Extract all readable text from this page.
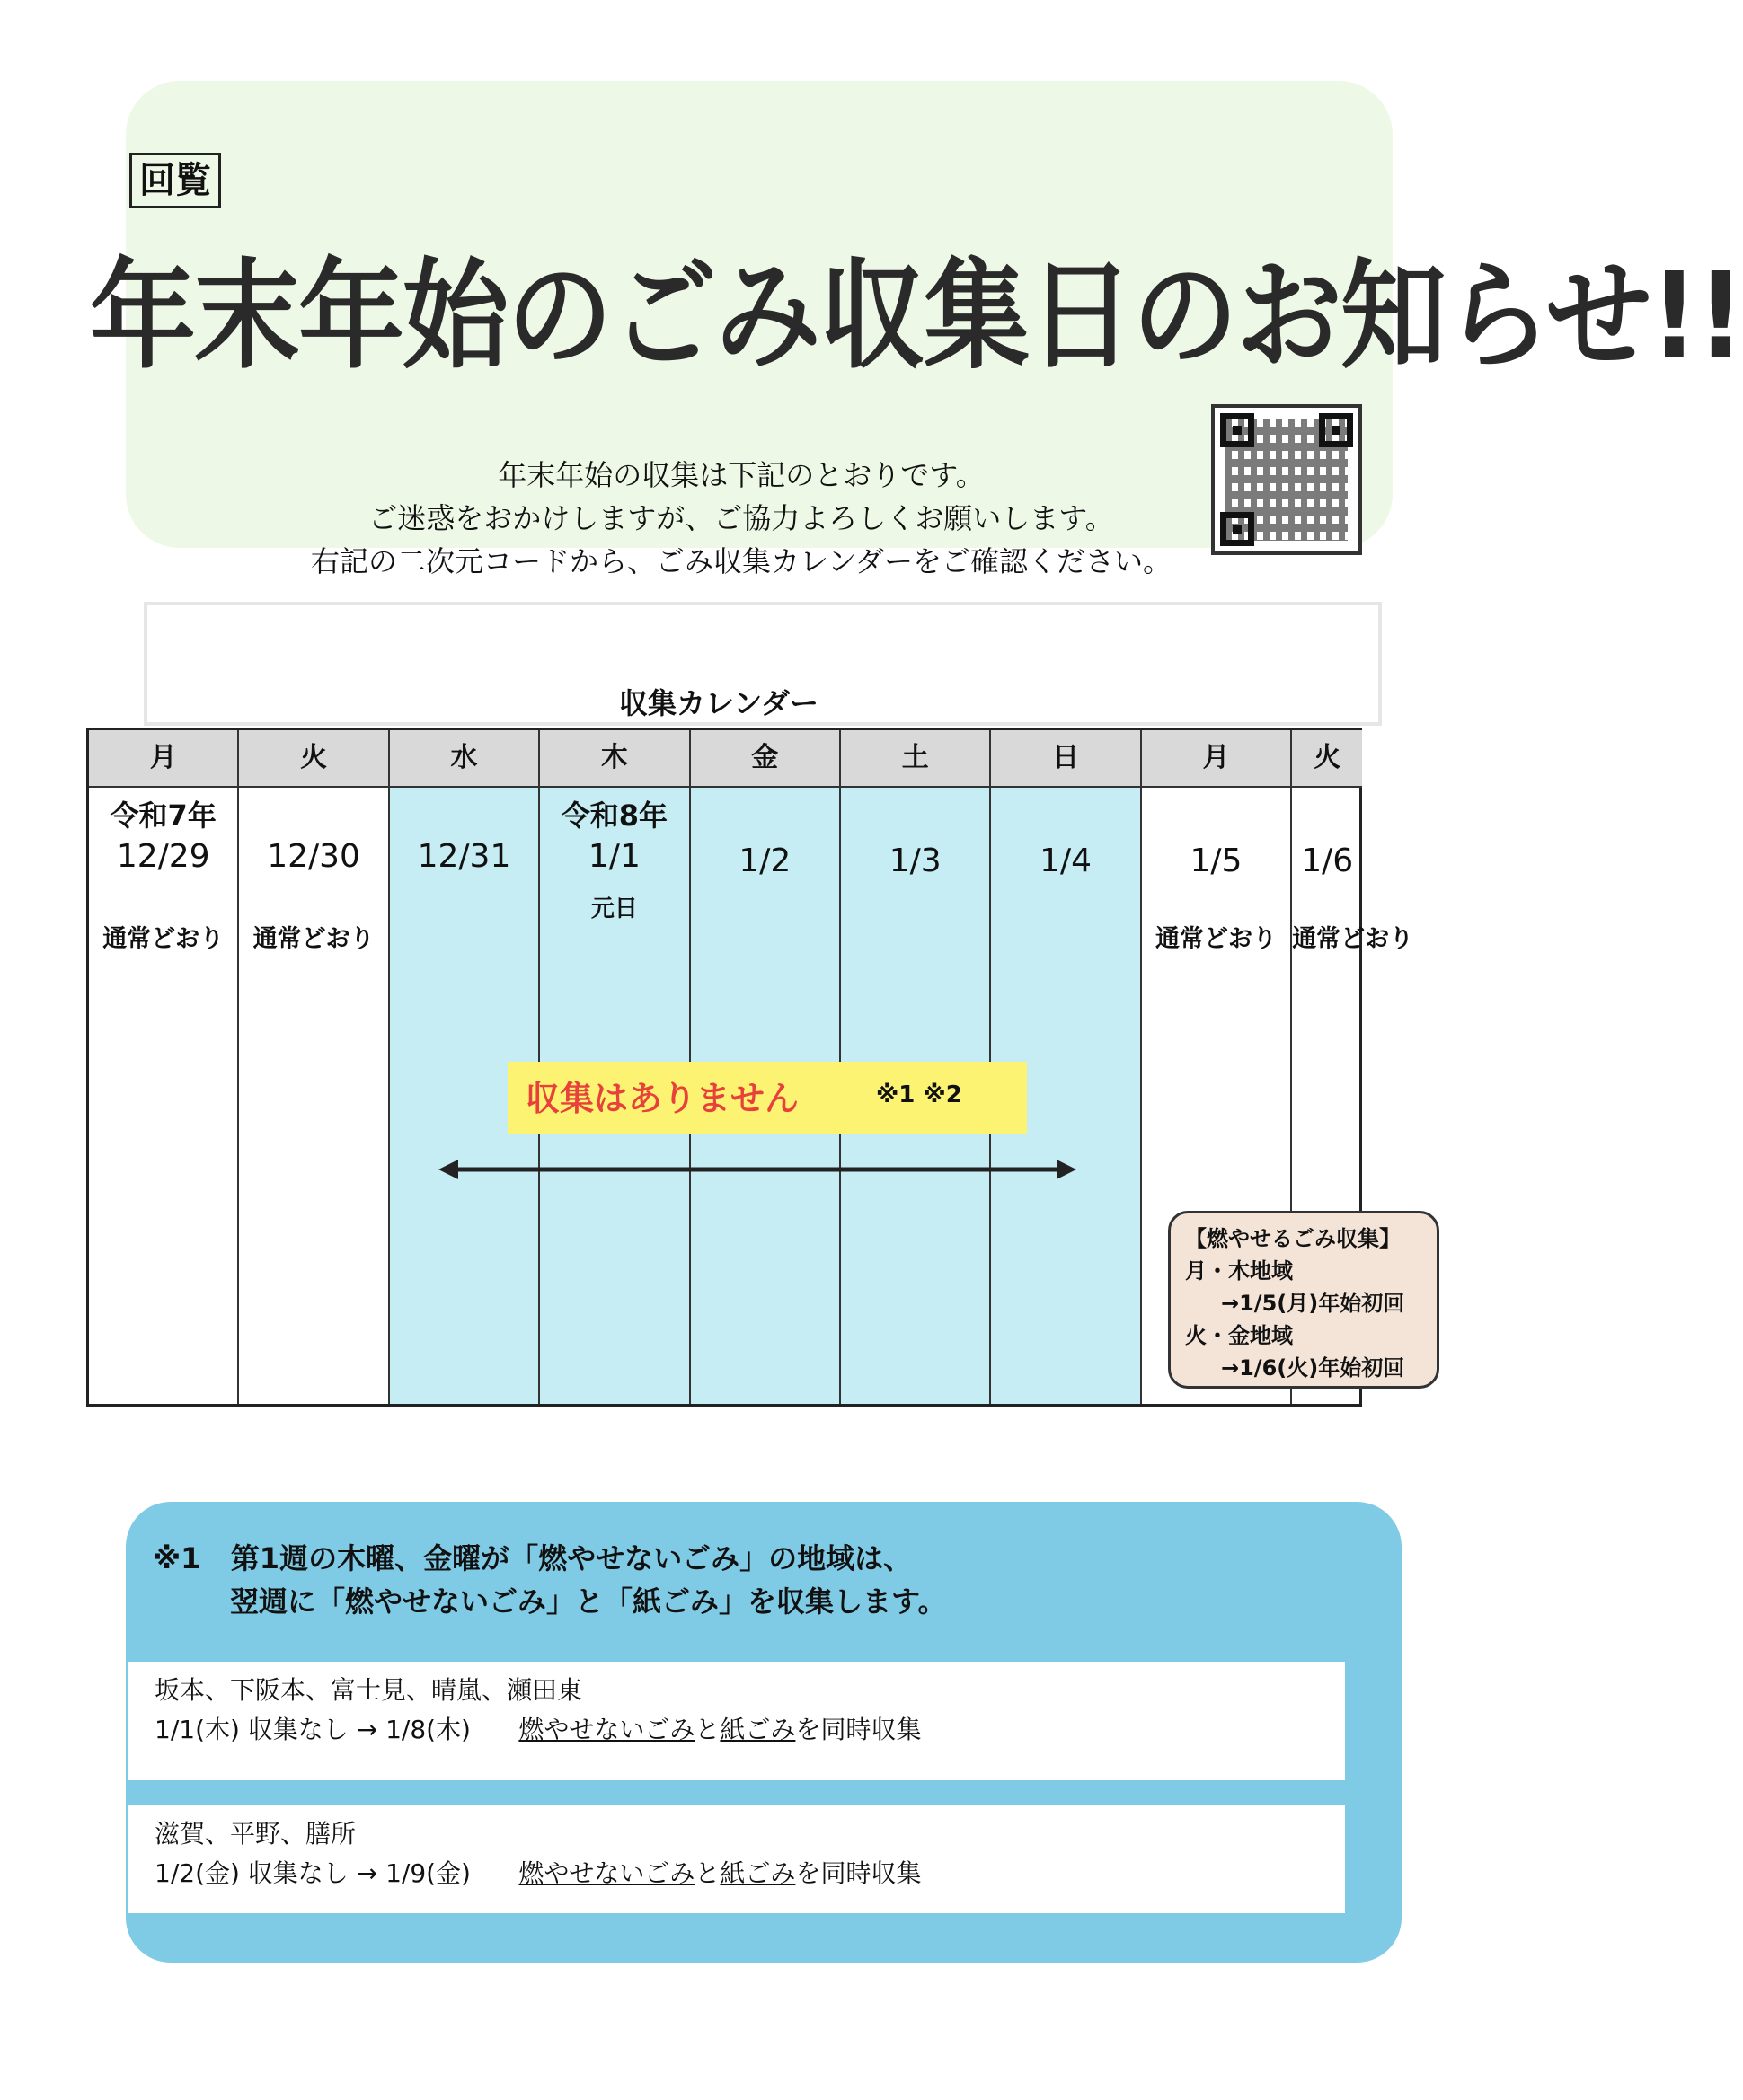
回覧
年末年始のごみ収集日のお知らせ!!
年末年始の収集は下記のとおりです。
ご迷惑をおかけしますが、ご協力よろしくお願いします。
右記の二次元コードから、ごみ収集カレンダーをご確認ください。
収集カレンダー
月
令和7年
12/29
通常どおり
火
12/30
通常どおり
水
12/31
木
令和8年
1/1
元日
金
1/2
土
1/3
日
1/4
月
1/5
通常どおり
火
1/6
通常どおり
収集はありません	※1 ※2
【燃やせるごみ収集】
月・木地域
→1/5(月)年始初回
火・金地域
→1/6(火)年始初回
※1 第1週の木曜、金曜が「燃やせないごみ」の地域は、
翌週に「燃やせないごみ」と「紙ごみ」を収集します。
坂本、下阪本、富士見、晴嵐、瀬田東
1/1(木) 収集なし → 1/8(木) 燃やせないごみと紙ごみを同時収集
滋賀、平野、膳所
1/2(金) 収集なし → 1/9(金) 燃やせないごみと紙ごみを同時収集
